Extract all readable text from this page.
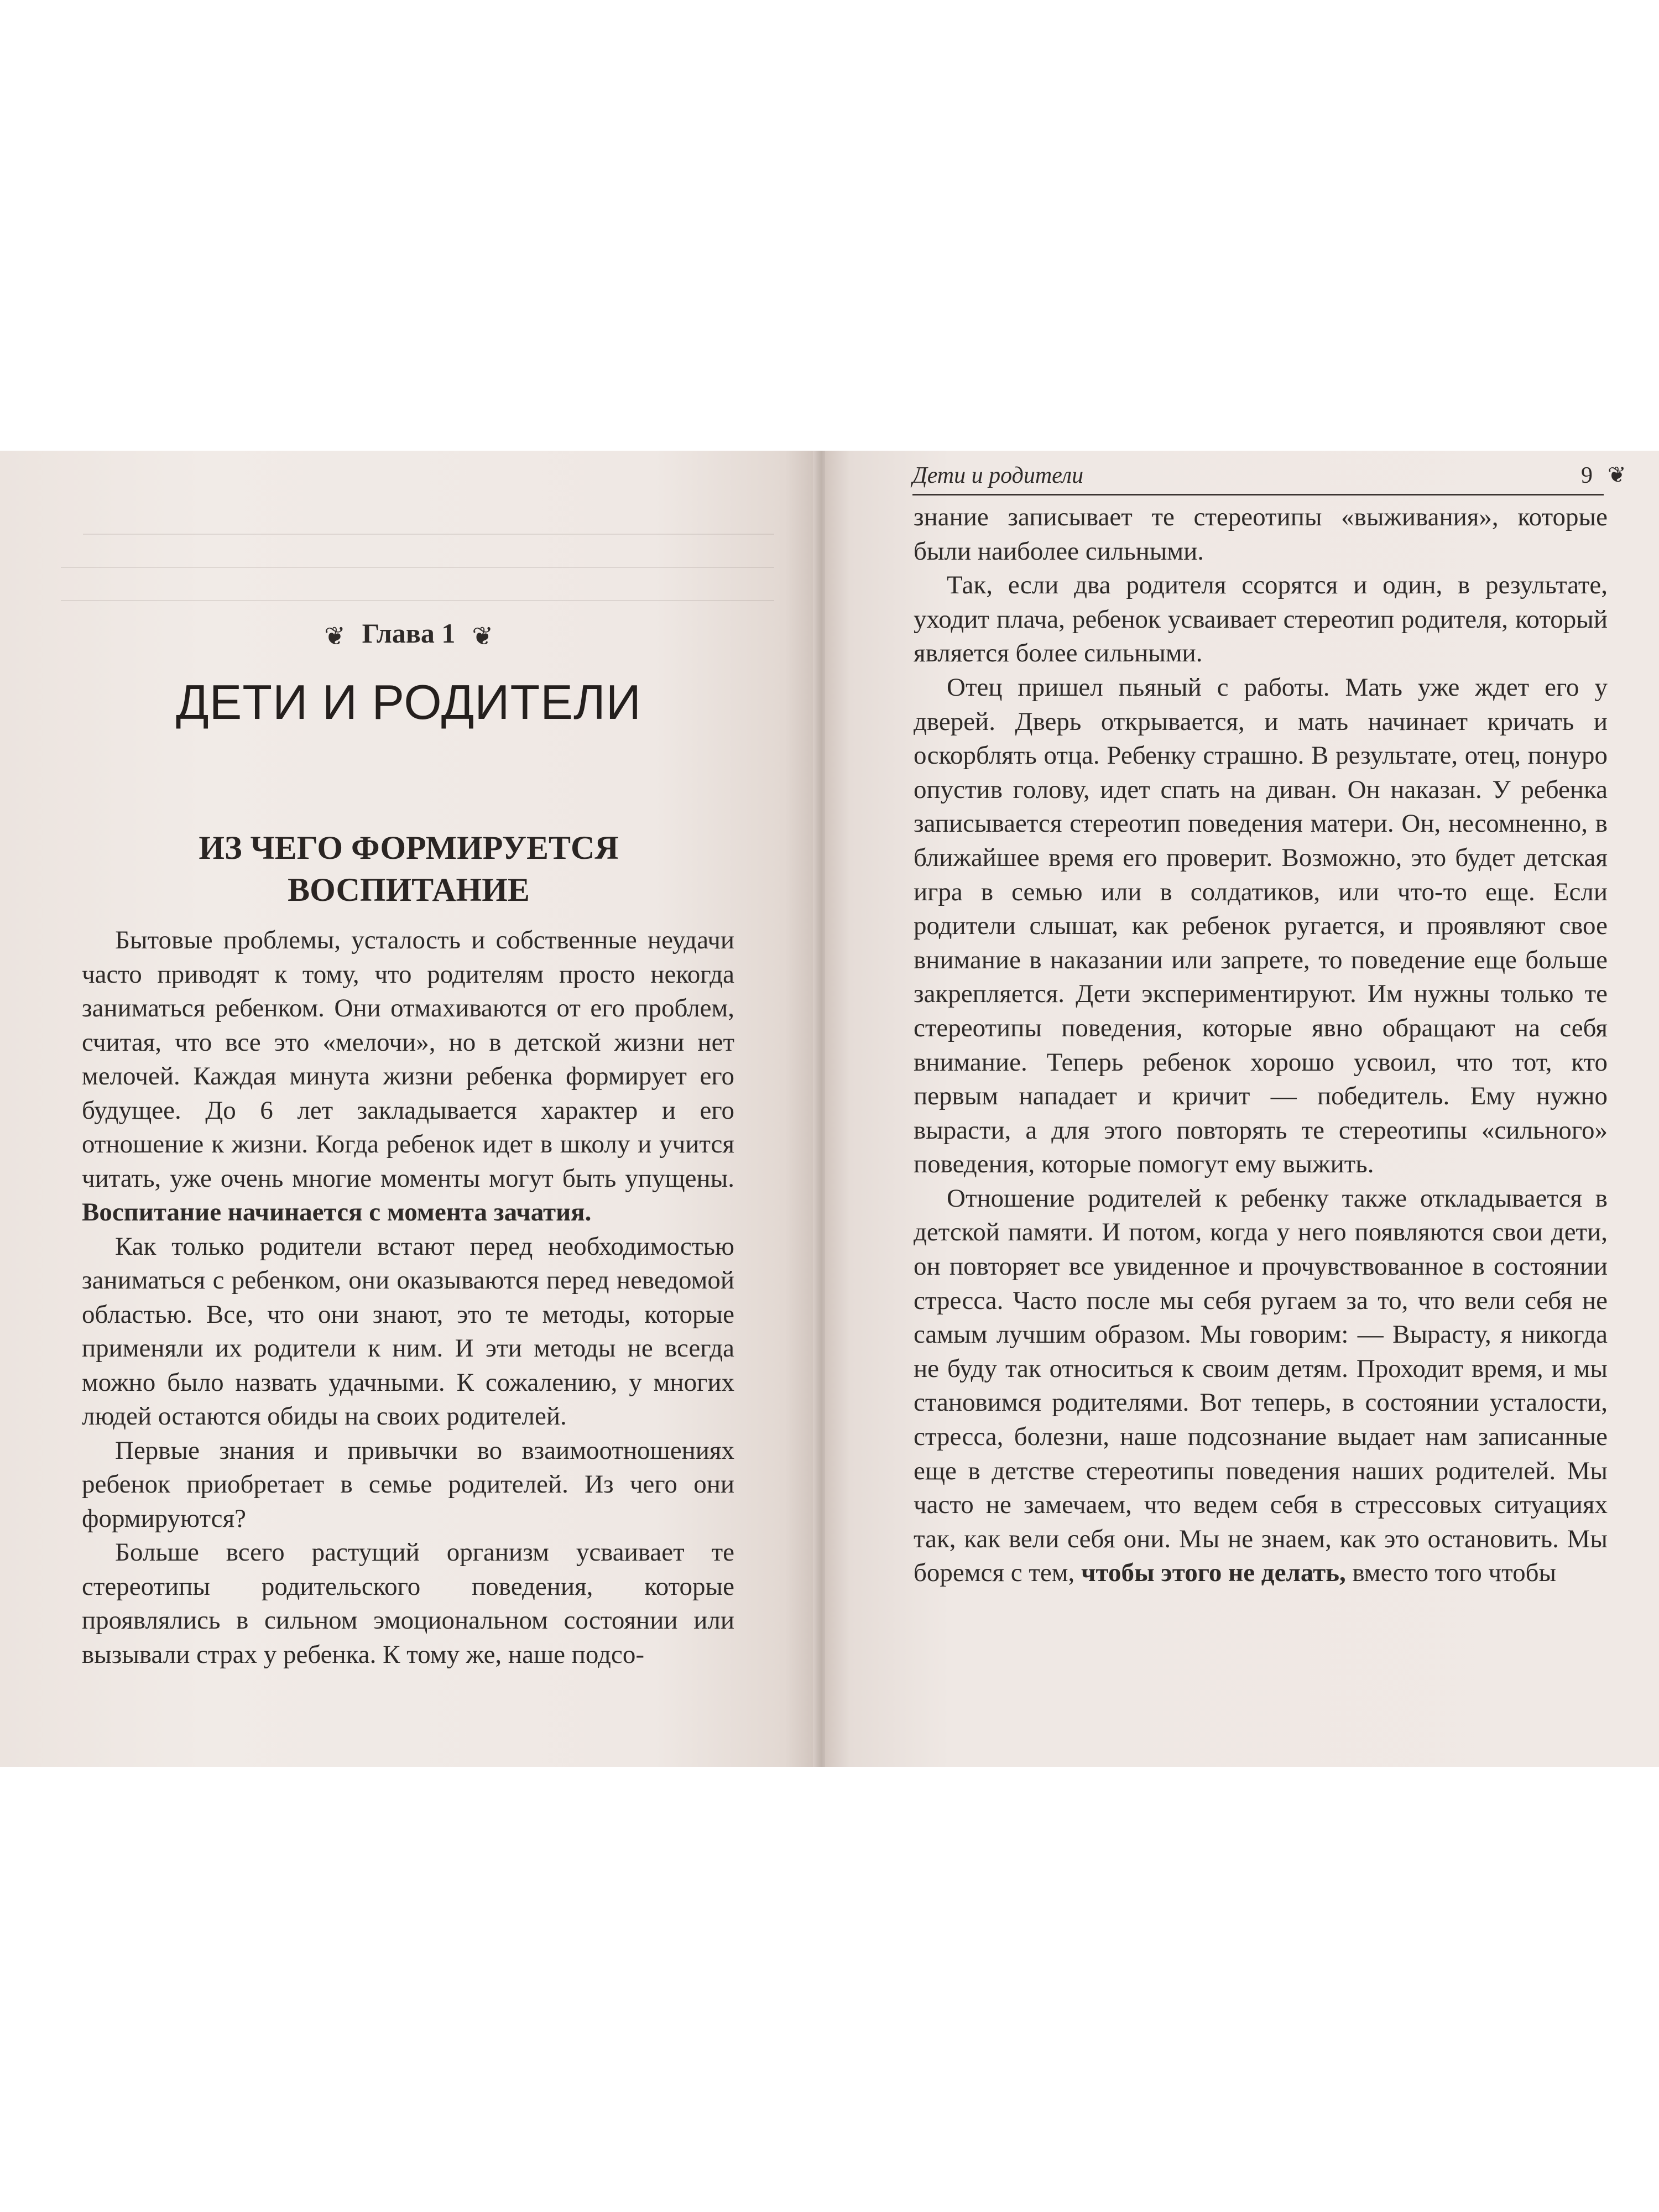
❦ Глава 1 ❦
ДЕТИ И РОДИТЕЛИ
ИЗ ЧЕГО ФОРМИРУЕТСЯ
ВОСПИТАНИЕ

Бытовые проблемы, усталость и собственные неудачи часто приводят к тому, что родителям просто некогда заниматься ребенком. Они отмахиваются от его проблем, считая, что все это «мелочи», но в детской жизни нет мелочей. Каждая минута жизни ребенка формирует его будущее. До 6 лет закладывается характер и его отношение к жизни. Когда ребенок идет в школу и учится читать, уже очень многие моменты могут быть упущены. Воспитание начинается с момента зачатия.

Как только родители встают перед необходимостью заниматься с ребенком, они оказываются перед неведомой областью. Все, что они знают, это те методы, которые применяли их родители к ним. И эти методы не всегда можно было назвать удачными. К сожалению, у многих людей остаются обиды на своих родителей.

Первые знания и привычки во взаимоотношениях ребенок приобретает в семье родителей. Из чего они формируются?

Больше всего растущий организм усваивает те стереотипы родительского поведения, которые проявлялись в сильном эмоциональном состоянии или вызывали страх у ребенка. К тому же, наше подсо-

Дети и родители	9 ❦

знание записывает те стереотипы «выживания», которые были наиболее сильными.

Так, если два родителя ссорятся и один, в результате, уходит плача, ребенок усваивает стереотип родителя, который является более сильными.

Отец пришел пьяный с работы. Мать уже ждет его у дверей. Дверь открывается, и мать начинает кричать и оскорблять отца. Ребенку страшно. В результате, отец, понуро опустив голову, идет спать на диван. Он наказан. У ребенка записывается стереотип поведения матери. Он, несомненно, в ближайшее время его проверит. Возможно, это будет детская игра в семью или в солдатиков, или что-то еще. Если родители слышат, как ребенок ругается, и проявляют свое внимание в наказании или запрете, то поведение еще больше закрепляется. Дети экспериментируют. Им нужны только те стереотипы поведения, которые явно обращают на себя внимание. Теперь ребенок хорошо усвоил, что тот, кто первым нападает и кричит — победитель. Ему нужно вырасти, а для этого повторять те стереотипы «сильного» поведения, которые помогут ему выжить.

Отношение родителей к ребенку также откладывается в детской памяти. И потом, когда у него появляются свои дети, он повторяет все увиденное и прочувствованное в состоянии стресса. Часто после мы себя ругаем за то, что вели себя не самым лучшим образом. Мы говорим: — Вырасту, я никогда не буду так относиться к своим детям. Проходит время, и мы становимся родителями. Вот теперь, в состоянии усталости, стресса, болезни, наше подсознание выдает нам записанные еще в детстве стереотипы поведения наших родителей. Мы часто не замечаем, что ведем себя в стрессовых ситуациях так, как вели себя они. Мы не знаем, как это остановить. Мы боремся с тем, чтобы этого не делать, вместо того чтобы
